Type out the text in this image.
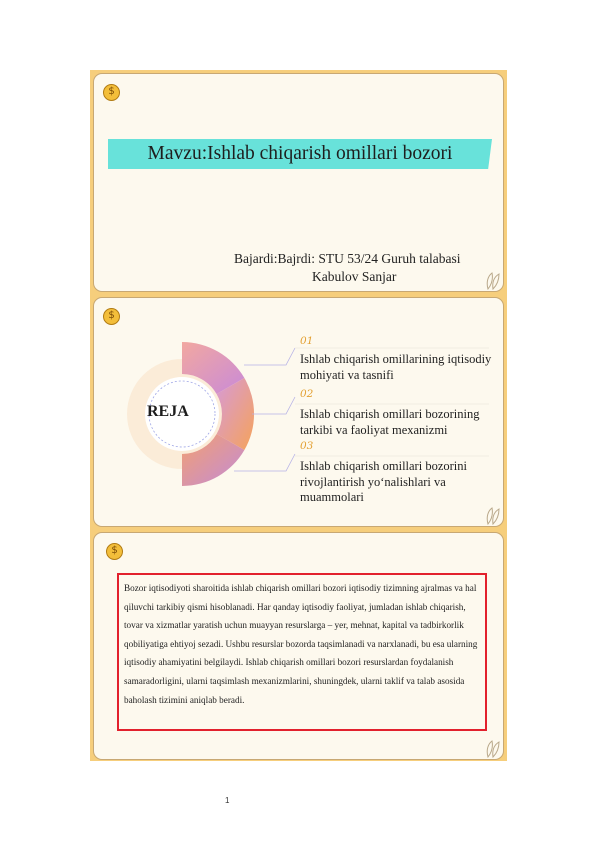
$
Mavzu:Ishlab chiqarish omillari bozori
Bajardi:Bajrdi: STU 53/24 Guruh talabasi
Kabulov Sanjar
$
REJA
01
Ishlab chiqarish omillarining iqtisodiy mohiyati va tasnifi
02
Ishlab chiqarish omillari bozorining tarkibi va faoliyat mexanizmi
03
Ishlab chiqarish omillari bozorini rivojlantirish yo‘nalishlari va muammolari
$

Bozor iqtisodiyoti sharoitida ishlab chiqarish omillari bozori iqtisodiy tizimning ajralmas va hal qiluvchi tarkibiy qismi hisoblanadi. Har qanday iqtisodiy faoliyat, jumladan ishlab chiqarish, tovar va xizmatlar yaratish uchun muayyan resurslarga – yer, mehnat, kapital va tadbirkorlik qobiliyatiga ehtiyoj sezadi. Ushbu resurslar bozorda taqsimlanadi va narxlanadi, bu esa ularning iqtisodiy ahamiyatini belgilaydi. Ishlab chiqarish omillari bozori resurslardan foydalanish samaradorligini, ularni taqsimlash mexanizmlarini, shuningdek, ularni taklif va talab asosida baholash tizimini aniqlab beradi.

1
